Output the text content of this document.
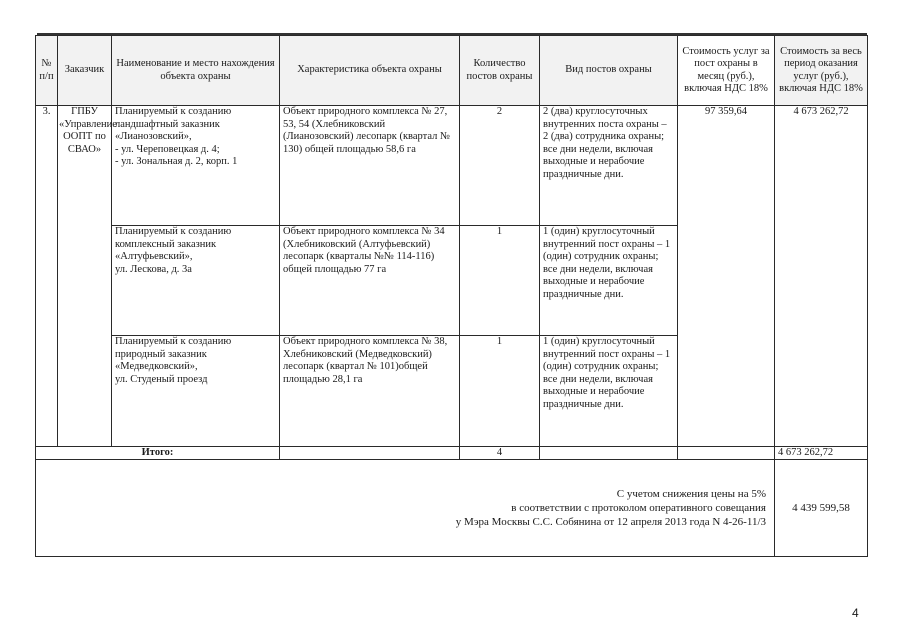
№ п/п	Заказчик	Наименование и место нахождения объекта охраны	Характеристика объекта охраны	Количество постов охраны	Вид постов охраны	Стоимость услуг за пост охраны в месяц (руб.), включая НДС 18%	Стоимость за весь период оказания услуг (руб.), включая НДС 18%
3.	ГПБУ «Управление ООПТ по СВАО»	Планируемый к созданию ландшафтный заказник «Лианозовский»,
- ул. Череповецкая д. 4;
- ул. Зональная д. 2, корп. 1	Объект природного комплекса № 27, 53, 54 (Хлебниковский (Лианозовский) лесопарк (квартал № 130) общей площадью 58,6 га	2	2 (два) круглосуточных внутренних поста охраны – 2 (два) сотрудника охраны; все дни недели, включая выходные и нерабочие праздничные дни.	97 359,64	4 673 262,72
		Планируемый к созданию комплексный заказник «Алтуфьевский»,
ул. Лескова, д. 3а	Объект природного комплекса № 34 (Хлебниковский (Алтуфьевский) лесопарк (кварталы №№ 114-116) общей площадью 77 га	1	1 (один) круглосуточный внутренний пост охраны – 1 (один) сотрудник охраны; все дни недели, включая выходные и нерабочие праздничные дни.		
		Планируемый к созданию природный заказник «Медведковский»,
ул. Студеный проезд	Объект природного комплекса № 38, Хлебниковский (Медведковский) лесопарк (квартал № 101)общей площадью 28,1 га	1	1 (один) круглосуточный внутренний пост охраны – 1 (один) сотрудник охраны; все дни недели, включая выходные и нерабочие праздничные дни.		
Итого:				4			4 673 262,72

С учетом снижения цены на 5%
в соответствии с протоколом оперативного совещания
у Мэра Москвы С.С. Собянина от 12 апреля 2013 года N 4-26-11/3							4 439 599,58
4
